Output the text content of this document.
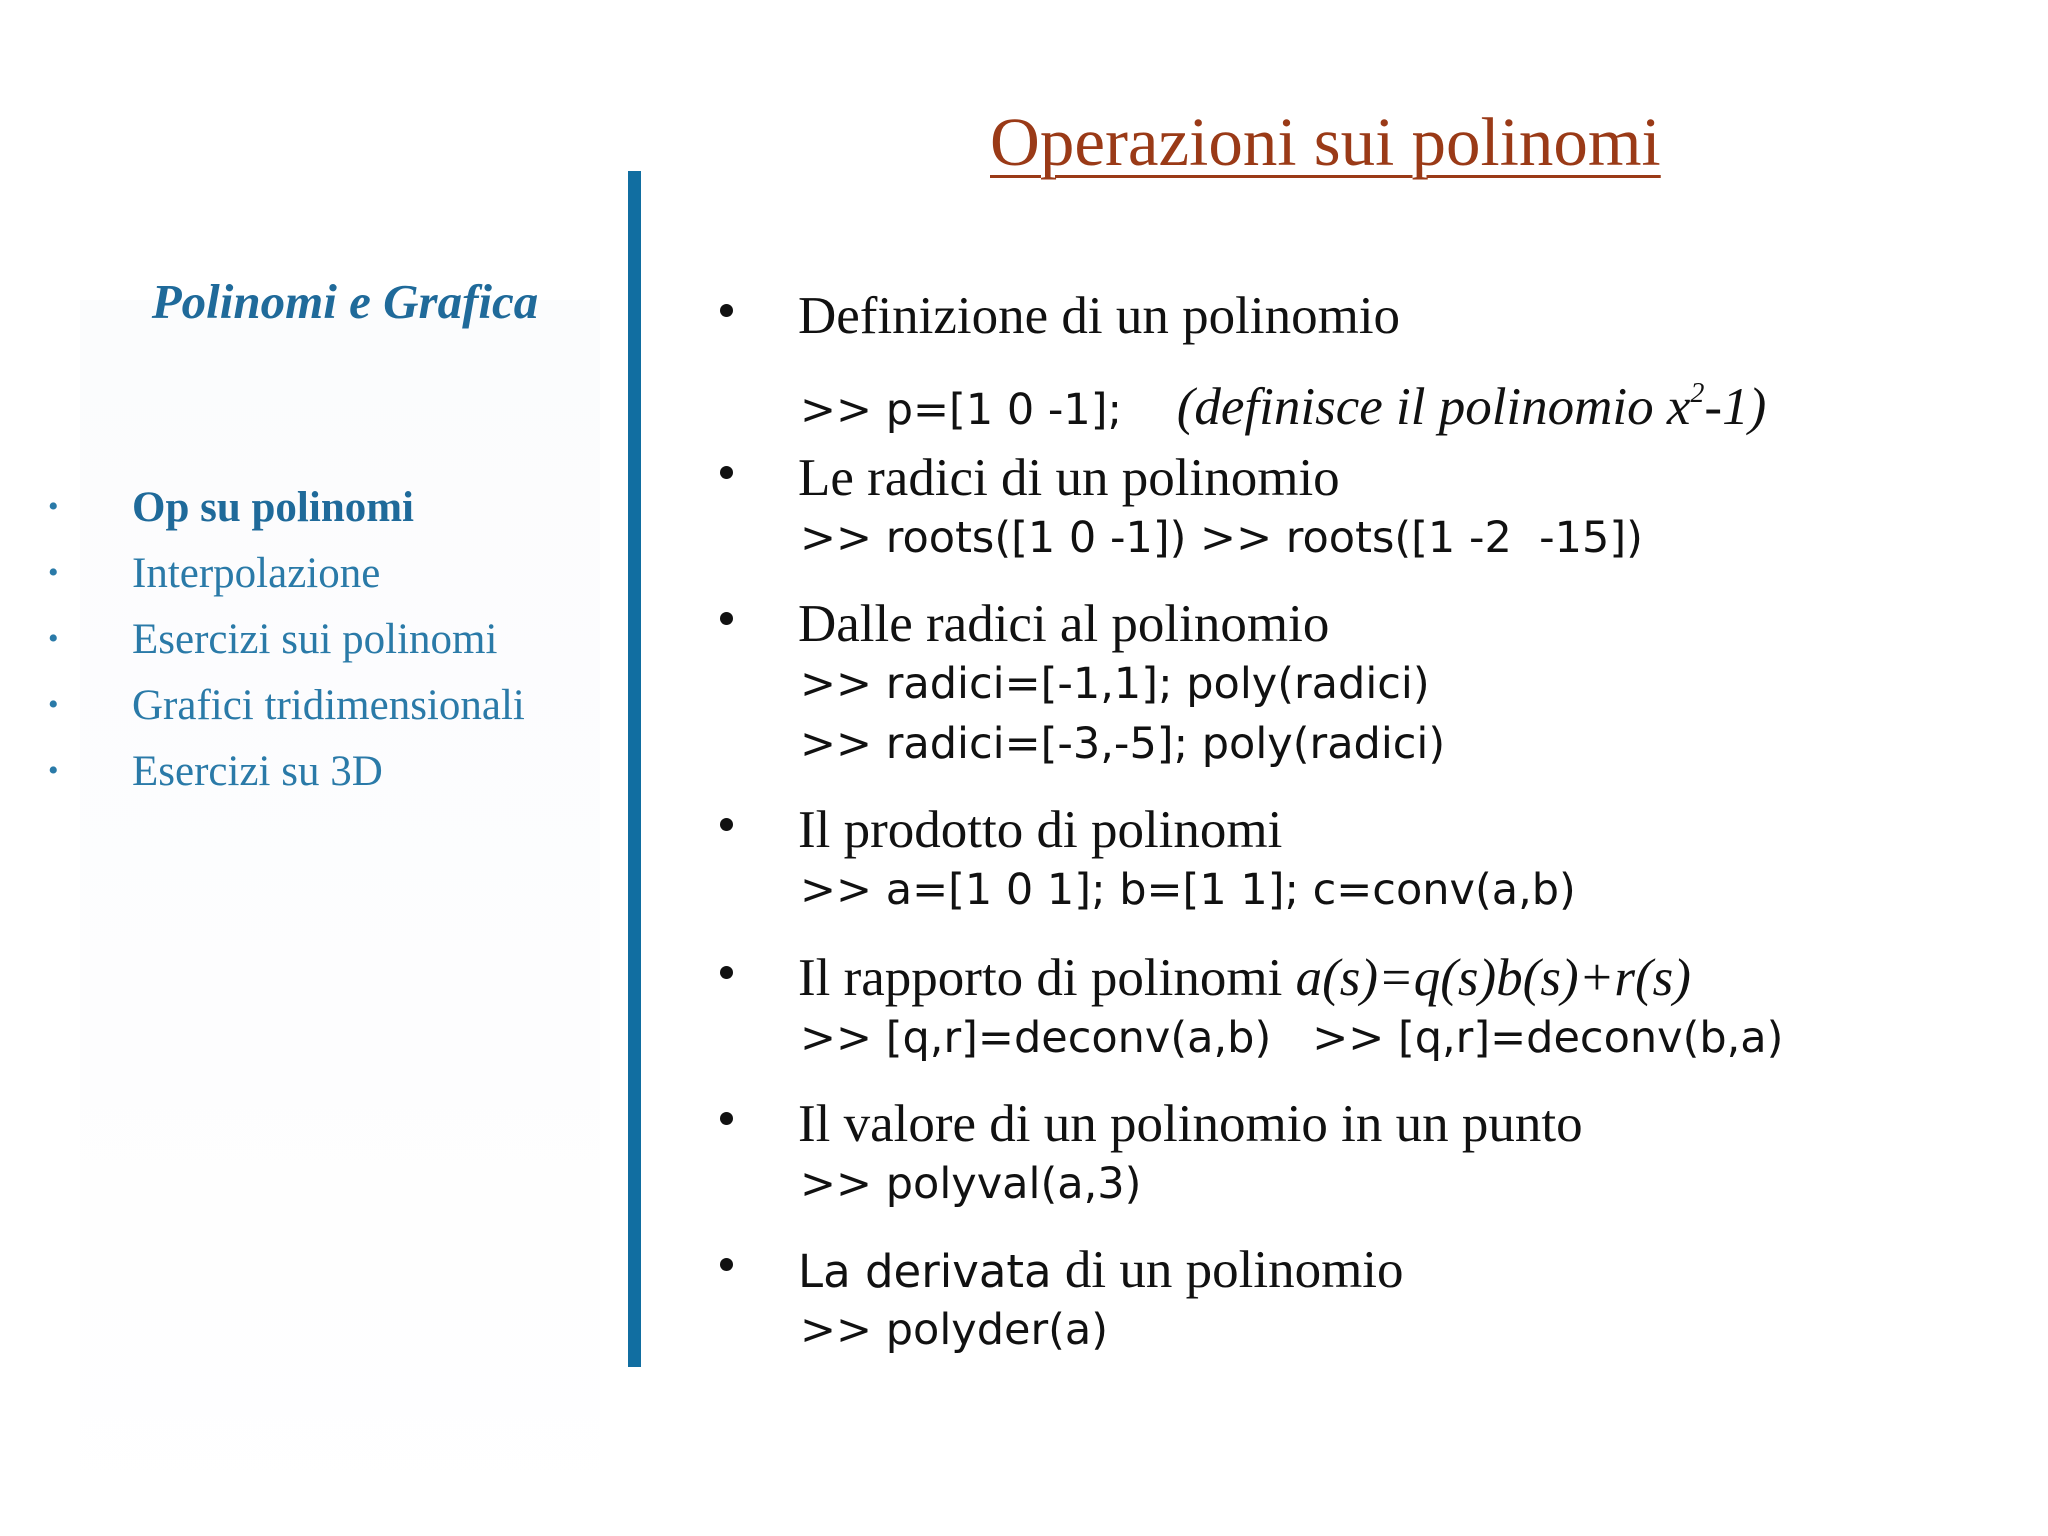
Operazioni sui polinomi
Polinomi e Grafica
•	Op su polinomi
•	Interpolazione
•	Esercizi sui polinomi
•	Grafici tridimensionali
•	Esercizi su 3D
Definizione di un polinomio
>> p=[1 0 -1]; (definisce il polinomio $x^2-1$)
Le radici di un polinomio
>> roots([1 0 -1]) >> roots([1 -2  -15])
Dalle radici al polinomio
>> radici=[-1,1]; poly(radici)
>> radici=[-3,-5]; poly(radici)
Il prodotto di polinomi
>> a=[1 0 1]; b=[1 1]; c=conv(a,b)
Il rapporto di polinomi a(s)=q(s)b(s)+r(s)
>> [q,r]=deconv(a,b)   >> [q,r]=deconv(b,a)
Il valore di un polinomio in un punto
>> polyval(a,3)
La derivata di un polinomio
>> polyder(a)
